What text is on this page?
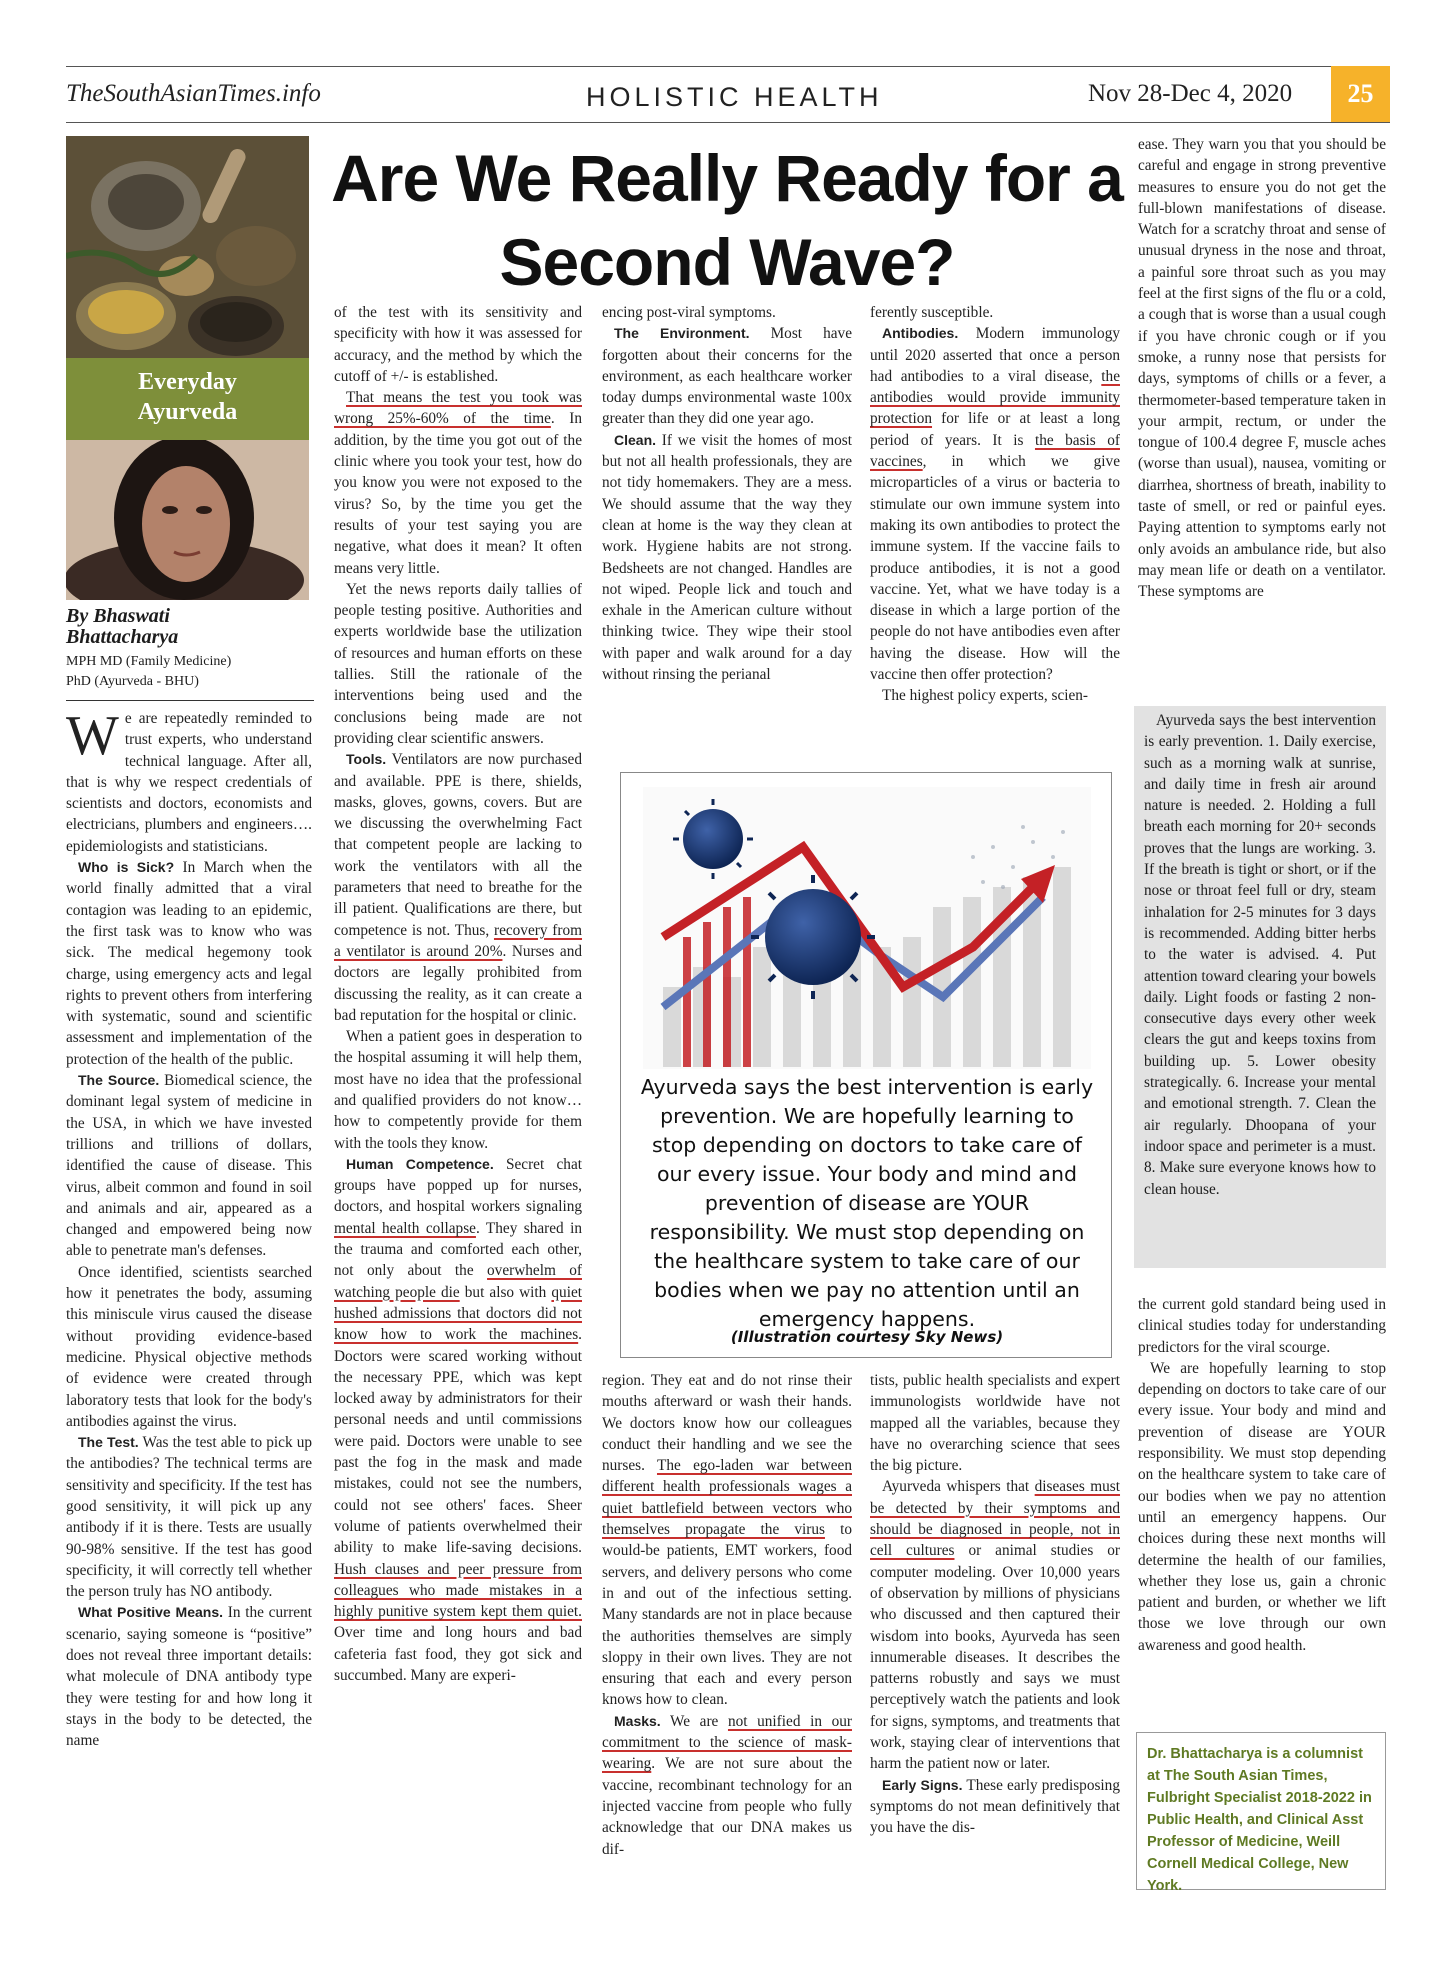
TheSouthAsianTimes.info	HOLISTIC HEALTH	Nov 28-Dec 4, 2020	25
Are We Really Ready for a Second Wave?
Everyday
Ayurveda
By Bhaswati
Bhattacharya
MPH MD (Family Medicine)
PhD (Ayurveda - BHU)

We are repeatedly reminded to trust experts, who understand technical language. After all, that is why we respect credentials of scientists and doctors, economists and electricians, plumbers and engineers…. epidemiologists and statisticians.

Who is Sick? In March when the world finally admitted that a viral contagion was leading to an epidemic, the first task was to know who was sick. The medical hegemony took charge, using emergency acts and legal rights to prevent others from interfering with systematic, sound and scientific assessment and implementation of the protection of the health of the public.

The Source. Biomedical science, the dominant legal system of medicine in the USA, in which we have invested trillions and trillions of dollars, identified the cause of disease. This virus, albeit common and found in soil and animals and air, appeared as a changed and empowered being now able to penetrate man's defenses.

Once identified, scientists searched how it penetrates the body, assuming this miniscule virus caused the disease without providing evidence-based medicine. Physical objective methods of evidence were created through laboratory tests that look for the body's antibodies against the virus.

The Test. Was the test able to pick up the antibodies? The technical terms are sensitivity and specificity. If the test has good sensitivity, it will pick up any antibody if it is there. Tests are usually 90-98% sensitive. If the test has good specificity, it will correctly tell whether the person truly has NO antibody.

What Positive Means. In the current scenario, saying someone is “positive” does not reveal three important details: what molecule of DNA antibody type they were testing for and how long it stays in the body to be detected, the name

of the test with its sensitivity and specificity with how it was assessed for accuracy, and the method by which the cutoff of +/- is established.

That means the test you took was wrong 25%-60% of the time. In addition, by the time you got out of the clinic where you took your test, how do you know you were not exposed to the virus? So, by the time you get the results of your test saying you are negative, what does it mean? It often means very little.

Yet the news reports daily tallies of people testing positive. Authorities and experts worldwide base the utilization of resources and human efforts on these tallies. Still the rationale of the interventions being used and the conclusions being made are not providing clear scientific answers.

Tools. Ventilators are now purchased and available. PPE is there, shields, masks, gloves, gowns, covers. But are we discussing the overwhelming Fact that competent people are lacking to work the ventilators with all the parameters that need to breathe for the ill patient. Qualifications are there, but competence is not. Thus, recovery from a ventilator is around 20%. Nurses and doctors are legally prohibited from discussing the reality, as it can create a bad reputation for the hospital or clinic.

When a patient goes in desperation to the hospital assuming it will help them, most have no idea that the professional and qualified providers do not know…how to competently provide for them with the tools they know.

Human Competence. Secret chat groups have popped up for nurses, doctors, and hospital workers signaling mental health collapse. They shared in the trauma and comforted each other, not only about the overwhelm of watching people die but also with quiet hushed admissions that doctors did not know how to work the machines. Doctors were scared working without the necessary PPE, which was kept locked away by administrators for their personal needs and until commissions were paid. Doctors were unable to see past the fog in the mask and made mistakes, could not see the numbers, could not see others' faces. Sheer volume of patients overwhelmed their ability to make life-saving decisions. Hush clauses and peer pressure from colleagues who made mistakes in a highly punitive system kept them quiet. Over time and long hours and bad cafeteria fast food, they got sick and succumbed. Many are experi-

encing post-viral symptoms.

The Environment. Most have forgotten about their concerns for the environment, as each healthcare worker today dumps environmental waste 100x greater than they did one year ago.

Clean. If we visit the homes of most but not all health professionals, they are not tidy homemakers. They are a mess. We should assume that the way they clean at home is the way they clean at work. Hygiene habits are not strong. Bedsheets are not changed. Handles are not wiped. People lick and touch and exhale in the American culture without thinking twice. They wipe their stool with paper and walk around for a day without rinsing the perianal

ferently susceptible.

Antibodies. Modern immunology until 2020 asserted that once a person had antibodies to a viral disease, the antibodies would provide immunity protection for life or at least a long period of years. It is the basis of vaccines, in which we give microparticles of a virus or bacteria to stimulate our own immune system into making its own antibodies to protect the immune system. If the vaccine fails to produce antibodies, it is not a good vaccine. Yet, what we have today is a disease in which a large portion of the people do not have antibodies even after having the disease. How will the vaccine then offer protection?

The highest policy experts, scien-

ease. They warn you that you should be careful and engage in strong preventive measures to ensure you do not get the full-blown manifestations of disease. Watch for a scratchy throat and sense of unusual dryness in the nose and throat, a painful sore throat such as you may feel at the first signs of the flu or a cold, a cough that is worse than a usual cough if you have chronic cough or if you smoke, a runny nose that persists for days, symptoms of chills or a fever, a thermometer-based temperature taken in your armpit, rectum, or under the tongue of 100.4 degree F, muscle aches (worse than usual), nausea, vomiting or diarrhea, shortness of breath, inability to taste of smell, or red or painful eyes. Paying attention to symptoms early not only avoids an ambulance ride, but also may mean life or death on a ventilator. These symptoms are

Ayurveda says the best intervention is early prevention. 1. Daily exercise, such as a morning walk at sunrise, and daily time in fresh air around nature is needed. 2. Holding a full breath each morning for 20+ seconds proves that the lungs are working. 3. If the breath is tight or short, or if the nose or throat feel full or dry, steam inhalation for 2-5 minutes for 3 days is recommended. Adding bitter herbs to the water is advised. 4. Put attention toward clearing your bowels daily. Light foods or fasting 2 non-consecutive days every other week clears the gut and keeps toxins from building up. 5. Lower obesity strategically. 6. Increase your mental and emotional strength. 7. Clean the air regularly. Dhoopana of your indoor space and perimeter is a must. 8. Make sure everyone knows how to clean house.

Ayurveda says the best intervention is early prevention. We are hopefully learning to stop depending on doctors to take care of our every issue. Your body and mind and prevention of disease are YOUR responsibility. We must stop depending on the healthcare system to take care of our bodies when we pay no attention until an emergency happens.
(Illustration courtesy Sky News)

region. They eat and do not rinse their mouths afterward or wash their hands. We doctors know how our colleagues conduct their handling and we see the nurses. The ego-laden war between different health professionals wages a quiet battlefield between vectors who themselves propagate the virus to would-be patients, EMT workers, food servers, and delivery persons who come in and out of the infectious setting. Many standards are not in place because the authorities themselves are simply sloppy in their own lives. They are not ensuring that each and every person knows how to clean.

Masks. We are not unified in our commitment to the science of mask-wearing. We are not sure about the vaccine, recombinant technology for an injected vaccine from people who fully acknowledge that our DNA makes us dif-

tists, public health specialists and expert immunologists worldwide have not mapped all the variables, because they have no overarching science that sees the big picture.

Ayurveda whispers that diseases must be detected by their symptoms and should be diagnosed in people, not in cell cultures or animal studies or computer modeling. Over 10,000 years of observation by millions of physicians who discussed and then captured their wisdom into books, Ayurveda has seen innumerable diseases. It describes the patterns robustly and says we must perceptively watch the patients and look for signs, symptoms, and treatments that work, staying clear of interventions that harm the patient now or later.

Early Signs. These early predisposing symptoms do not mean definitively that you have the dis-

the current gold standard being used in clinical studies today for understanding predictors for the viral scourge.

We are hopefully learning to stop depending on doctors to take care of our every issue. Your body and mind and prevention of disease are YOUR responsibility. We must stop depending on the healthcare system to take care of our bodies when we pay no attention until an emergency happens. Our choices during these next months will determine the health of our families, whether they lose us, gain a chronic patient and burden, or whether we lift those we love through our own awareness and good health.

Dr. Bhattacharya is a columnist at The South Asian Times, Fulbright Specialist 2018-2022 in Public Health, and Clinical Asst Professor of Medicine, Weill Cornell Medical College, New York.
